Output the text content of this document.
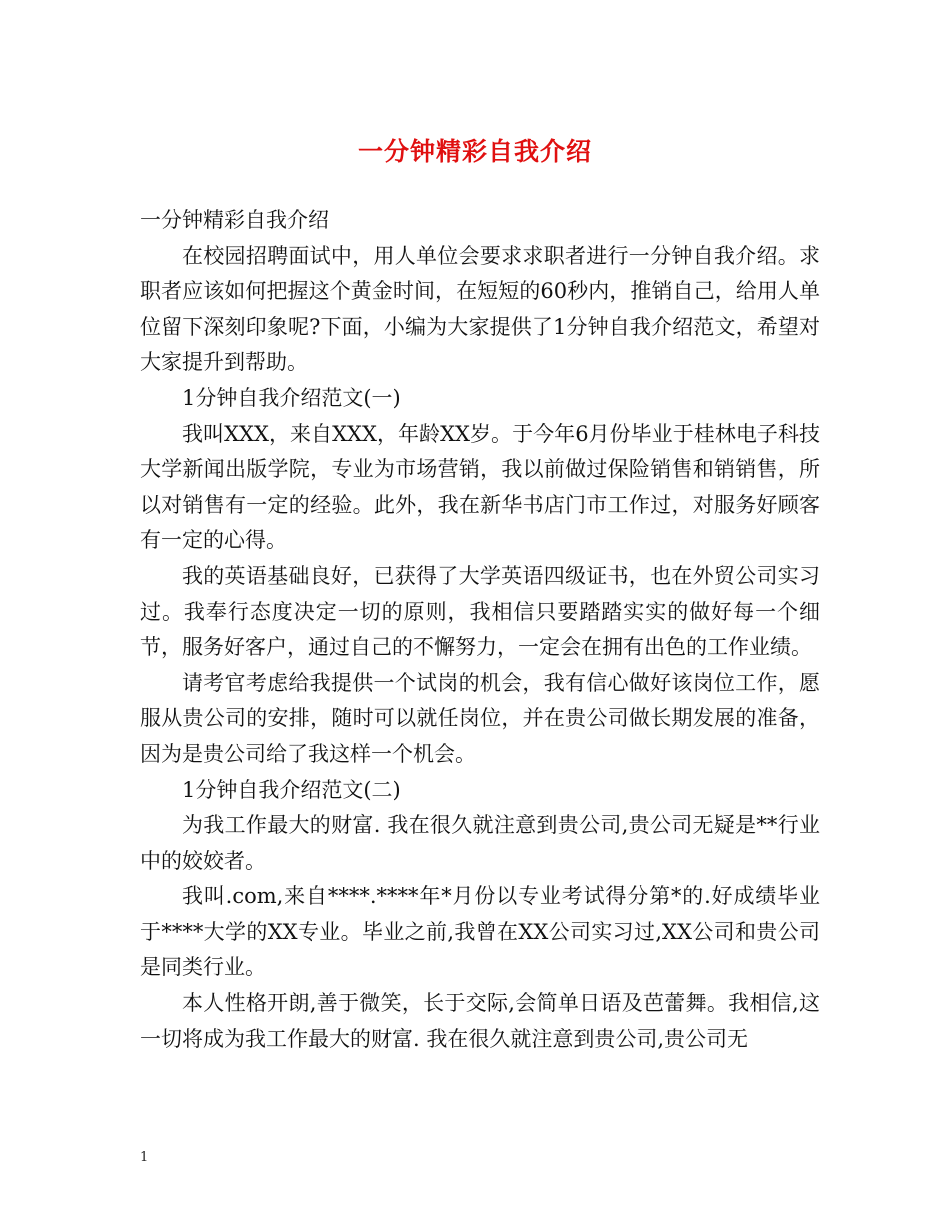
一分钟精彩自我介绍

一分钟精彩自我介绍

在校园招聘面试中，用人单位会要求求职者进行一分钟自我介绍。求职者应该如何把握这个黄金时间，在短短的60秒内，推销自己，给用人单位留下深刻印象呢?下面，小编为大家提供了1分钟自我介绍范文，希望对大家提升到帮助。

1分钟自我介绍范文(一)

我叫XXX，来自XXX，年龄XX岁。于今年6月份毕业于桂林电子科技大学新闻出版学院，专业为市场营销，我以前做过保险销售和销销售，所以对销售有一定的经验。此外，我在新华书店门市工作过，对服务好顾客有一定的心得。

我的英语基础良好，已获得了大学英语四级证书，也在外贸公司实习过。我奉行态度决定一切的原则，我相信只要踏踏实实的做好每一个细节，服务好客户，通过自己的不懈努力，一定会在拥有出色的工作业绩。

请考官考虑给我提供一个试岗的机会，我有信心做好该岗位工作，愿服从贵公司的安排，随时可以就任岗位，并在贵公司做长期发展的准备，因为是贵公司给了我这样一个机会。

1分钟自我介绍范文(二)

为我工作最大的财富. 我在很久就注意到贵公司,贵公司无疑是**行业中的姣姣者。

我叫.com,来自****.****年*月份以专业考试得分第*的.好成绩毕业于****大学的XX专业。毕业之前,我曾在XX公司实习过,XX公司和贵公司是同类行业。

本人性格开朗,善于微笑，长于交际,会简单日语及芭蕾舞。我相信,这一切将成为我工作最大的财富. 我在很久就注意到贵公司,贵公司无

1
